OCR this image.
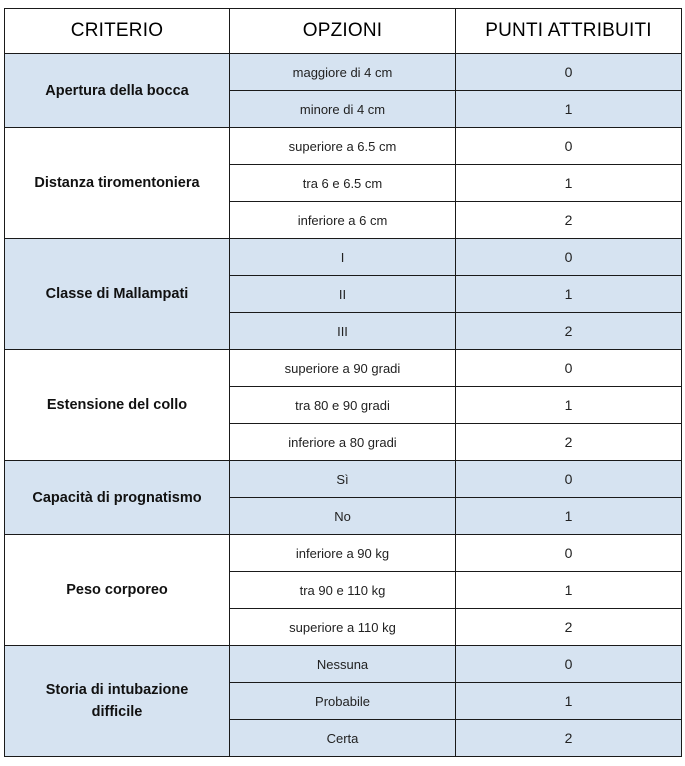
CRITERIO	OPZIONI	PUNTI ATTRIBUITI
Apertura della bocca	maggiore di 4 cm	0
	minore di 4 cm	1
Distanza tiromentoniera	superiore a 6.5 cm	0
	tra 6 e 6.5 cm	1
	inferiore a 6 cm	2
Classe di Mallampati	I	0
	II	1
	III	2
Estensione del collo	superiore a 90 gradi	0
	tra 80 e 90 gradi	1
	inferiore a 80 gradi	2
Capacità di prognatismo	Sì	0
	No	1
Peso corporeo	inferiore a 90 kg	0
	tra 90 e 110 kg	1
	superiore a 110 kg	2
Storia di intubazione difficile	Nessuna	0
	Probabile	1
	Certa	2
